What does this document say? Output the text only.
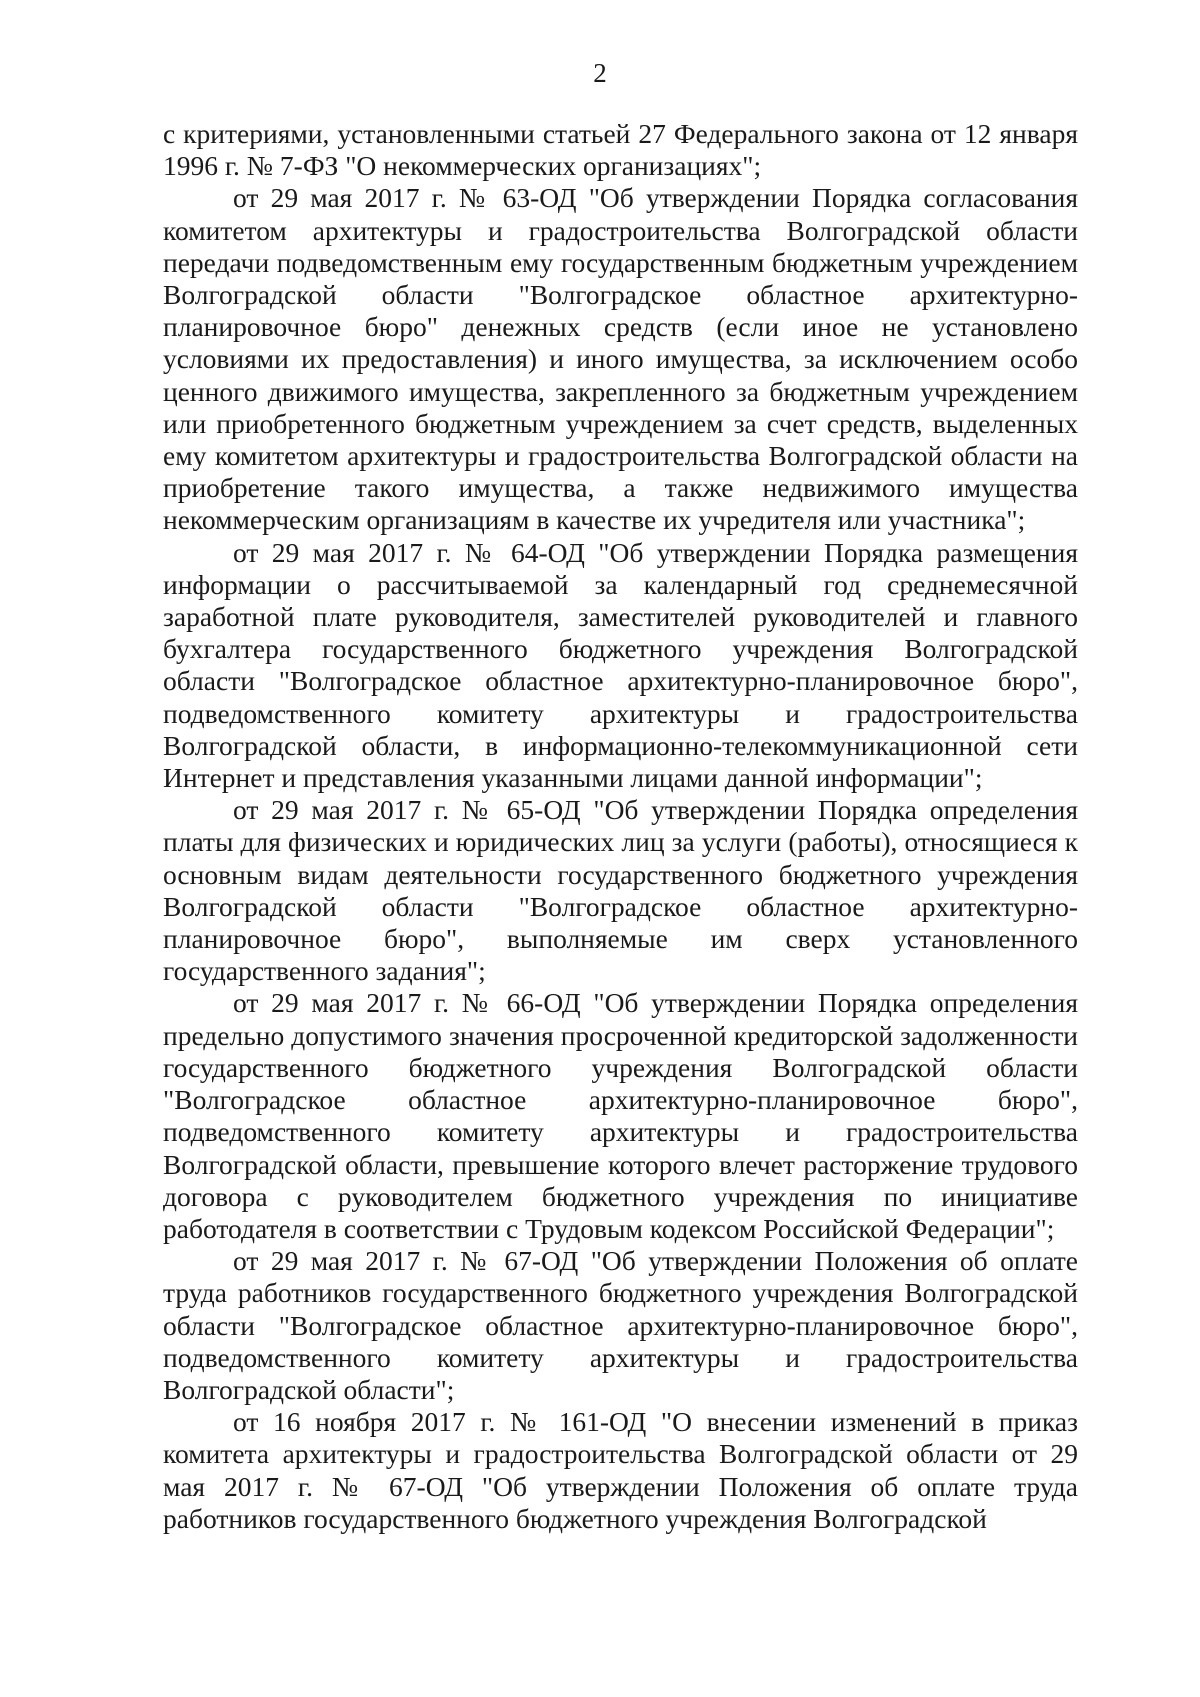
2

с критериями, установленными статьей 27 Федерального закона от 12 января 1996 г. № 7-ФЗ "О некоммерческих организациях";

от 29 мая 2017 г. № 63-ОД "Об утверждении Порядка согласования комитетом архитектуры и градостроительства Волгоградской области передачи подведомственным ему государственным бюджетным учреждением Волгоградской области "Волгоградское областное архитектурно-планировочное бюро" денежных средств (если иное не установлено условиями их предоставления) и иного имущества, за исключением особо ценного движимого имущества, закрепленного за бюджетным учреждением или приобретенного бюджетным учреждением за счет средств, выделенных ему комитетом архитектуры и градостроительства Волгоградской области на приобретение такого имущества, а также недвижимого имущества некоммерческим организациям в качестве их учредителя или участника";

от 29 мая 2017 г. № 64-ОД "Об утверждении Порядка размещения информации о рассчитываемой за календарный год среднемесячной заработной плате руководителя, заместителей руководителей и главного бухгалтера государственного бюджетного учреждения Волгоградской области "Волгоградское областное архитектурно-планировочное бюро", подведомственного комитету архитектуры и градостроительства Волгоградской области, в информационно-телекоммуникационной сети Интернет и представления указанными лицами данной информации";

от 29 мая 2017 г. № 65-ОД "Об утверждении Порядка определения платы для физических и юридических лиц за услуги (работы), относящиеся к основным видам деятельности государственного бюджетного учреждения Волгоградской области "Волгоградское областное архитектурно-планировочное бюро", выполняемые им сверх установленного государственного задания";

от 29 мая 2017 г. № 66-ОД "Об утверждении Порядка определения предельно допустимого значения просроченной кредиторской задолженности государственного бюджетного учреждения Волгоградской области "Волгоградское областное архитектурно-планировочное бюро", подведомственного комитету архитектуры и градостроительства Волгоградской области, превышение которого влечет расторжение трудового договора с руководителем бюджетного учреждения по инициативе работодателя в соответствии с Трудовым кодексом Российской Федерации";

от 29 мая 2017 г. № 67-ОД "Об утверждении Положения об оплате труда работников государственного бюджетного учреждения Волгоградской области "Волгоградское областное архитектурно-планировочное бюро", подведомственного комитету архитектуры и градостроительства Волгоградской области";

от 16 ноября 2017 г. № 161-ОД "О внесении изменений в приказ комитета архитектуры и градостроительства Волгоградской области от 29 мая 2017 г. № 67-ОД "Об утверждении Положения об оплате труда работников государственного бюджетного учреждения Волгоградской
